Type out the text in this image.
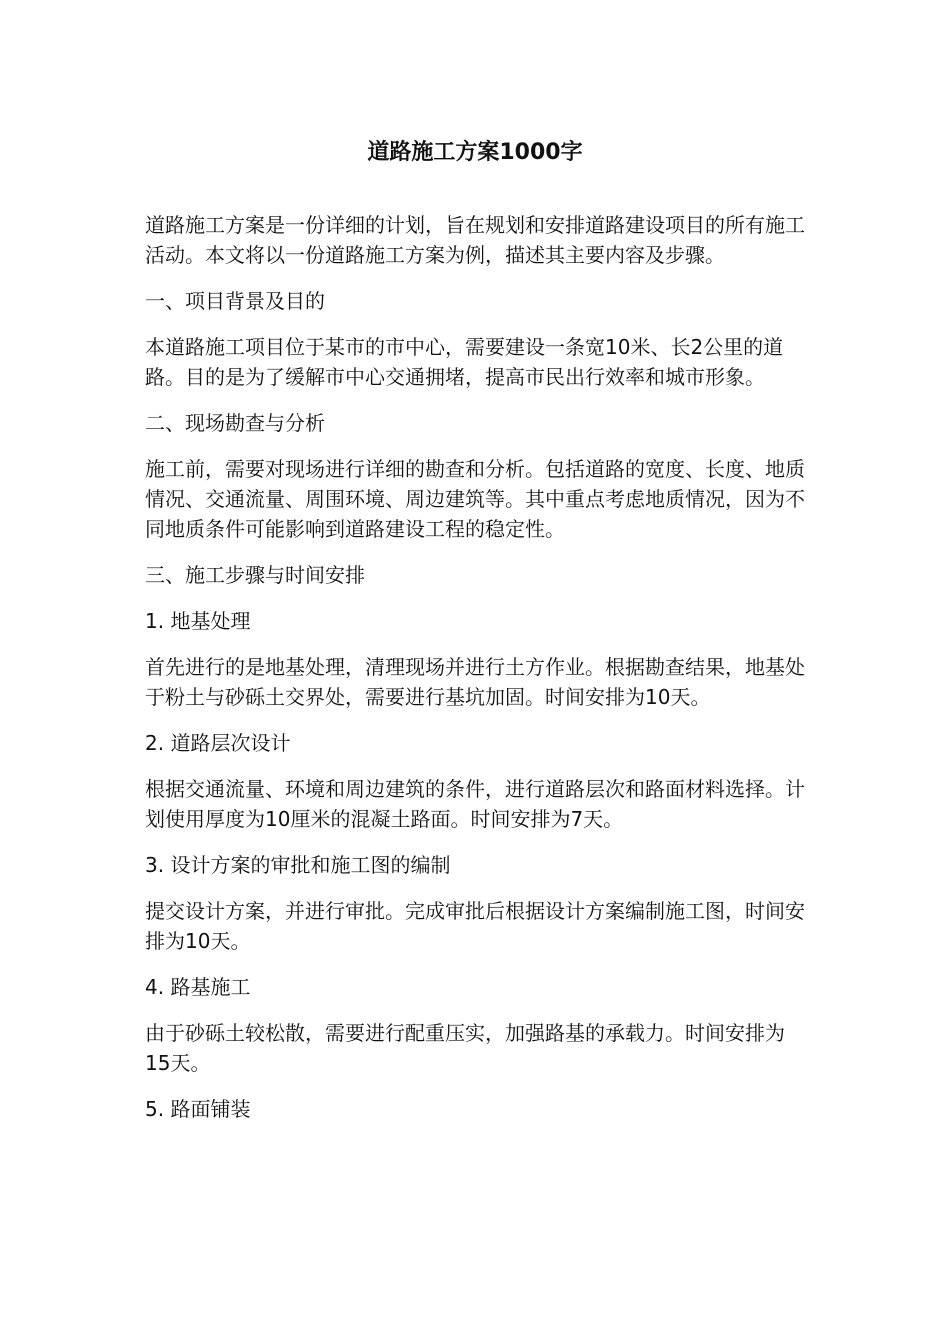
道路施工方案1000字

道路施工方案是一份详细的计划，旨在规划和安排道路建设项目的所有施工活动。本文将以一份道路施工方案为例，描述其主要内容及步骤。

一、项目背景及目的

本道路施工项目位于某市的市中心，需要建设一条宽10米、长2公里的道路。目的是为了缓解市中心交通拥堵，提高市民出行效率和城市形象。

二、现场勘查与分析

施工前，需要对现场进行详细的勘查和分析。包括道路的宽度、长度、地质情况、交通流量、周围环境、周边建筑等。其中重点考虑地质情况，因为不同地质条件可能影响到道路建设工程的稳定性。

三、施工步骤与时间安排

1. 地基处理

首先进行的是地基处理，清理现场并进行土方作业。根据勘查结果，地基处于粉土与砂砾土交界处，需要进行基坑加固。时间安排为10天。

2. 道路层次设计

根据交通流量、环境和周边建筑的条件，进行道路层次和路面材料选择。计划使用厚度为10厘米的混凝土路面。时间安排为7天。

3. 设计方案的审批和施工图的编制

提交设计方案，并进行审批。完成审批后根据设计方案编制施工图，时间安排为10天。

4. 路基施工

由于砂砾土较松散，需要进行配重压实，加强路基的承载力。时间安排为15天。

5. 路面铺装
